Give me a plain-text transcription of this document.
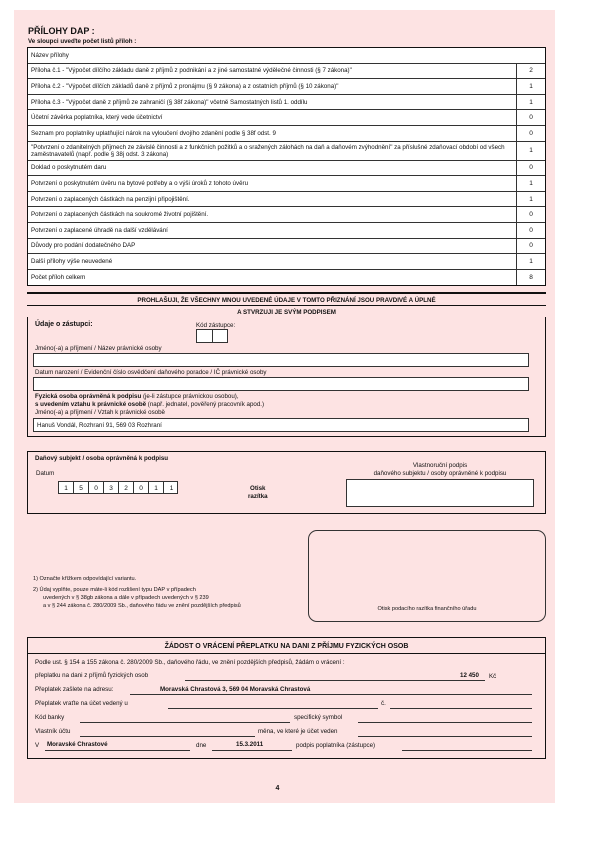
PŘÍLOHY DAP :
Ve sloupci uveďte počet listů příloh :
Název přílohy
Příloha č.1 - "Výpočet dílčího základu daně z příjmů z podnikání a z jiné samostatné výdělečné činnosti (§ 7 zákona)"	2
Příloha č.2 - "Výpočet dílčích základů daně z příjmů z pronájmu (§ 9 zákona) a z ostatních příjmů (§ 10 zákona)"	1
Příloha č.3 - "Výpočet daně z příjmů ze zahraničí (§ 38f zákona)" včetně Samostatných listů 1. oddílu	1
Účetní závěrka poplatníka, který vede účetnictví	0
Seznam pro poplatníky uplatňující nárok na vyloučení dvojího zdanění podle § 38f odst. 9	0
"Potvrzení o zdanitelných příjmech ze závislé činnosti a z funkčních požitků a o sražených zálohách na daň a daňovém zvýhodnění" za příslušné zdaňovací období od všech zaměstnavatelů (např. podle § 38j odst. 3 zákona)	1
Doklad o poskytnutém daru	0
Potvrzení o poskytnutém úvěru na bytové potřeby a o výši úroků z tohoto úvěru	1
Potvrzení o zaplacených částkách na penzijní připojištění.	1
Potvrzení o zaplacených částkách na soukromé životní pojištění.	0
Potvrzení o zaplacené úhradě na další vzdělávání	0
Důvody pro podání dodatečného DAP	0
Další přílohy výše neuvedené	1
Počet příloh celkem	8
PROHLAŠUJI, ŽE VŠECHNY MNOU UVEDENÉ ÚDAJE V TOMTO PŘIZNÁNÍ JSOU PRAVDIVÉ A ÚPLNÉ
A STVRZUJI JE SVÝM PODPISEM
Údaje o zástupci:	Kód zástupce:
Jméno(-a) a příjmení / Název právnické osoby
Datum narození / Evidenční číslo osvědčení daňového poradce / IČ právnické osoby
Fyzická osoba oprávněná k podpisu (je-li zástupce právnickou osobou),
s uvedením vztahu k právnické osobě (např. jednatel, pověřený pracovník apod.)
Jméno(-a) a příjmení / Vztah k právnické osobě
Hanuš Vondál, Rozhraní 91, 569 03 Rozhraní
Daňový subjekt / osoba oprávněná k podpisu
Datum
1	5	0	3	2	0	1	1	Otisk
razítka
Vlastnoruční podpis
daňového subjektu / osoby oprávněné k podpisu
Otisk podacího razítka finančního úřadu
1) Označte křížkem odpovídající variantu.
2) Údaj vyplňte, pouze máte-li kód rozlišení typu DAP v případech
uvedených v § 38gb zákona a dále v případech uvedených v § 239
a v § 244 zákona č. 280/2009 Sb., daňového řádu ve znění pozdějších předpisů
ŽÁDOST O VRÁCENÍ PŘEPLATKU NA DANI Z PŘÍJMU FYZICKÝCH OSOB
Podle ust. § 154 a 155 zákona č. 280/2009 Sb., daňového řádu, ve znění pozdějších předpisů, žádám o vrácení :
přeplatku na dani z příjmů fyzických osob	12 450 Kč
Přeplatek zašlete na adresu:	Moravská Chrastová 3, 569 04 Moravská Chrastová
Přeplatek vraťte na účet vedený u	č.
Kód banky	specifický symbol
Vlastník účtu	měna, ve které je účet veden
V Moravské Chrastové	dne	15.3.2011	podpis poplatníka (zástupce)
4
